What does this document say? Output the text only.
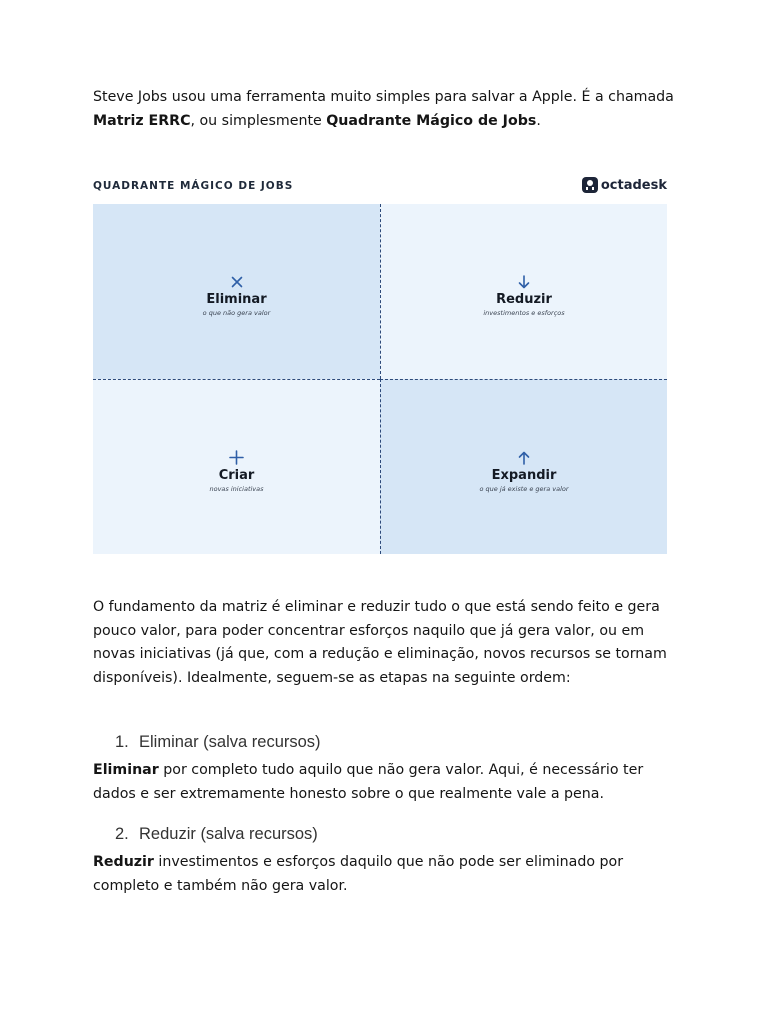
Steve Jobs usou uma ferramenta muito simples para salvar a Apple. É a chamada Matriz ERRC, ou simplesmente Quadrante Mágico de Jobs.

QUADRANTE MÁGICO DE JOBS	octadesk
Eliminar
o que não gera valor
Reduzir
investimentos e esforços
Criar
novas iniciativas
Expandir
o que já existe e gera valor

O fundamento da matriz é eliminar e reduzir tudo o que está sendo feito e gera pouco valor, para poder concentrar esforços naquilo que já gera valor, ou em novas iniciativas (já que, com a redução e eliminação, novos recursos se tornam disponíveis). Idealmente, seguem-se as etapas na seguinte ordem:

1. Eliminar (salva recursos)

Eliminar por completo tudo aquilo que não gera valor. Aqui, é necessário ter dados e ser extremamente honesto sobre o que realmente vale a pena.

2. Reduzir (salva recursos)

Reduzir investimentos e esforços daquilo que não pode ser eliminado por completo e também não gera valor.
